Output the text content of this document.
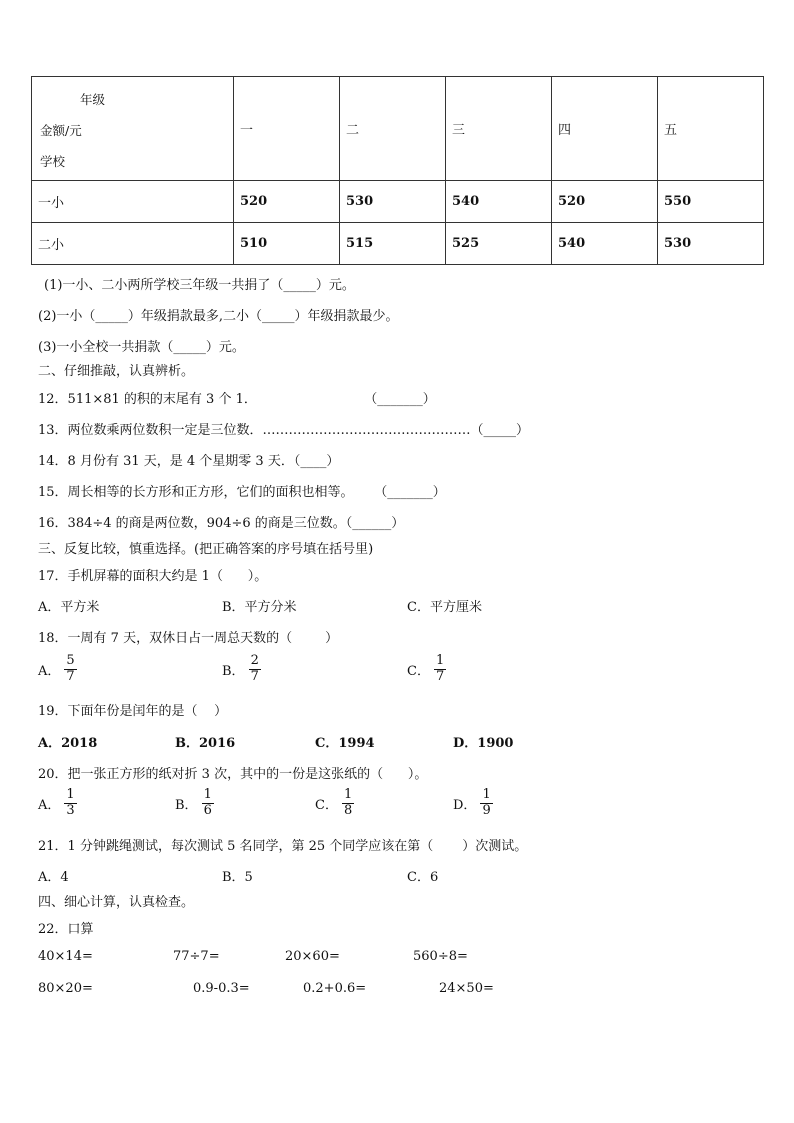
年级
金额/元
学校	一	二	三	四	五
一小	520	530	540	520	550
二小	510	515	525	540	530
(1)一小、二小两所学校三年级一共捐了（_____）元。
(2)一小（_____）年级捐款最多,二小（_____）年级捐款最少。
(3)一小全校一共捐款（_____）元。
二、仔细推敲，认真辨析。
12．511×81 的积的末尾有 3 个 1．                          （_______）
13．两位数乘两位数积一定是三位数．…………………………………………（_____）
14．8 月份有 31 天，是 4 个星期零 3 天．（____）
15．周长相等的长方形和正方形，它们的面积也相等。     （_______）
16．384÷4 的商是两位数，904÷6 的商是三位数。（______）
三、反复比较，慎重选择。(把正确答案的序号填在括号里)
17．手机屏幕的面积大约是 1（      ）。
A．平方米	B．平方分米	C．平方厘米
18．一周有 7 天，双休日占一周总天数的（        ）
A． $\frac{5}{7}$	B． $\frac{2}{7}$	C． $\frac{1}{7}$
19．下面年份是闰年的是（    ）
A．2018	B．2016	C．1994	D．1900
20．把一张正方形的纸对折 3 次，其中的一份是这张纸的（      ）。
A． $\frac{1}{3}$	B． $\frac{1}{6}$	C． $\frac{1}{8}$	D． $\frac{1}{9}$
21．1 分钟跳绳测试，每次测试 5 名同学，第 25 个同学应该在第（       ）次测试。
A．4	B．5	C．6
四、细心计算，认真检查。
22．口算
40×14=	77÷7=	20×60=	560÷8=
80×20=	0.9-0.3=	0.2+0.6=	24×50=
